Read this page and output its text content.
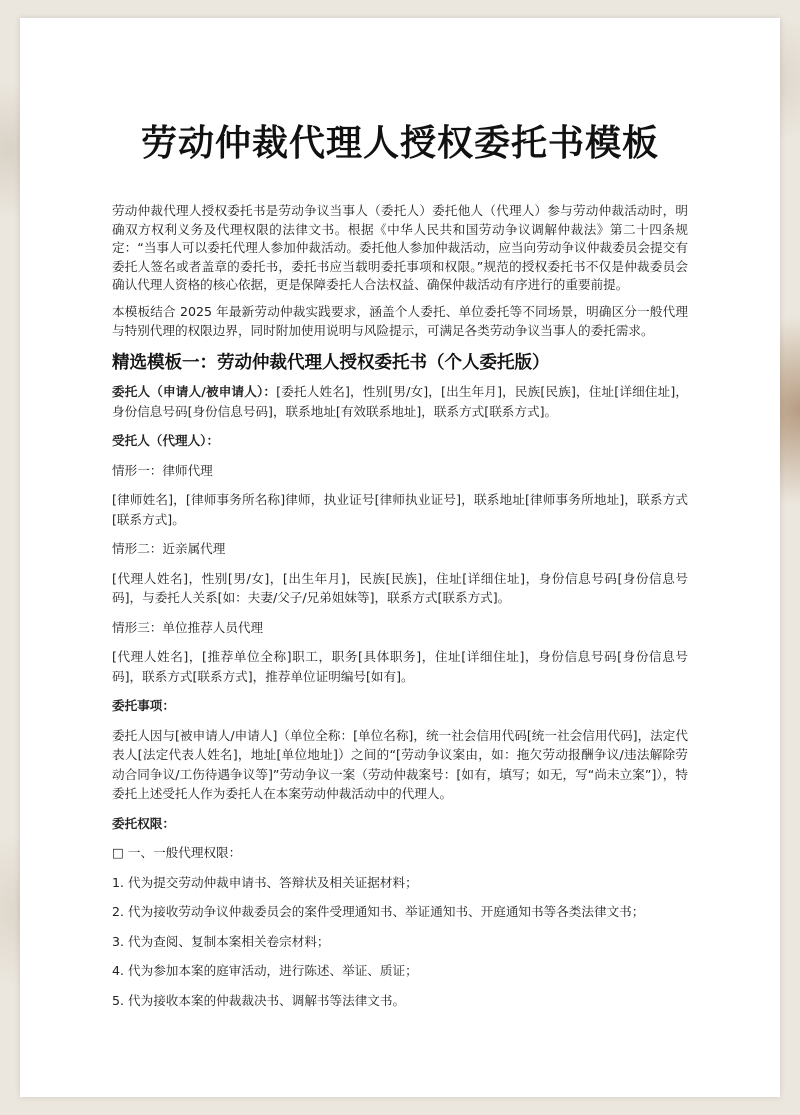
劳动仲裁代理人授权委托书模板

劳动仲裁代理人授权委托书是劳动争议当事人（委托人）委托他人（代理人）参与劳动仲裁活动时，明确双方权利义务及代理权限的法律文书。根据《中华人民共和国劳动争议调解仲裁法》第二十四条规定：“当事人可以委托代理人参加仲裁活动。委托他人参加仲裁活动，应当向劳动争议仲裁委员会提交有委托人签名或者盖章的委托书，委托书应当载明委托事项和权限。”规范的授权委托书不仅是仲裁委员会确认代理人资格的核心依据，更是保障委托人合法权益、确保仲裁活动有序进行的重要前提。

本模板结合 2025 年最新劳动仲裁实践要求，涵盖个人委托、单位委托等不同场景，明确区分一般代理与特别代理的权限边界，同时附加使用说明与风险提示，可满足各类劳动争议当事人的委托需求。

精选模板一：劳动仲裁代理人授权委托书（个人委托版）

委托人（申请人/被申请人）：[委托人姓名]，性别[男/女]，[出生年月]，民族[民族]，住址[详细住址]，身份信息号码[身份信息号码]，联系地址[有效联系地址]，联系方式[联系方式]。

受托人（代理人）：

情形一：律师代理

[律师姓名]，[律师事务所名称]律师，执业证号[律师执业证号]，联系地址[律师事务所地址]，联系方式[联系方式]。

情形二：近亲属代理

[代理人姓名]，性别[男/女]，[出生年月]，民族[民族]，住址[详细住址]，身份信息号码[身份信息号码]，与委托人关系[如：夫妻/父子/兄弟姐妹等]，联系方式[联系方式]。

情形三：单位推荐人员代理

[代理人姓名]，[推荐单位全称]职工，职务[具体职务]，住址[详细住址]，身份信息号码[身份信息号码]，联系方式[联系方式]，推荐单位证明编号[如有]。

委托事项：

委托人因与[被申请人/申请人]（单位全称：[单位名称]，统一社会信用代码[统一社会信用代码]，法定代表人[法定代表人姓名]，地址[单位地址]）之间的“[劳动争议案由，如：拖欠劳动报酬争议/违法解除劳动合同争议/工伤待遇争议等]”劳动争议一案（劳动仲裁案号：[如有，填写；如无，写“尚未立案”]），特委托上述受托人作为委托人在本案劳动仲裁活动中的代理人。

委托权限：

□ 一、一般代理权限：

1. 代为提交劳动仲裁申请书、答辩状及相关证据材料；

2. 代为接收劳动争议仲裁委员会的案件受理通知书、举证通知书、开庭通知书等各类法律文书；

3. 代为查阅、复制本案相关卷宗材料；

4. 代为参加本案的庭审活动，进行陈述、举证、质证；

5. 代为接收本案的仲裁裁决书、调解书等法律文书。
